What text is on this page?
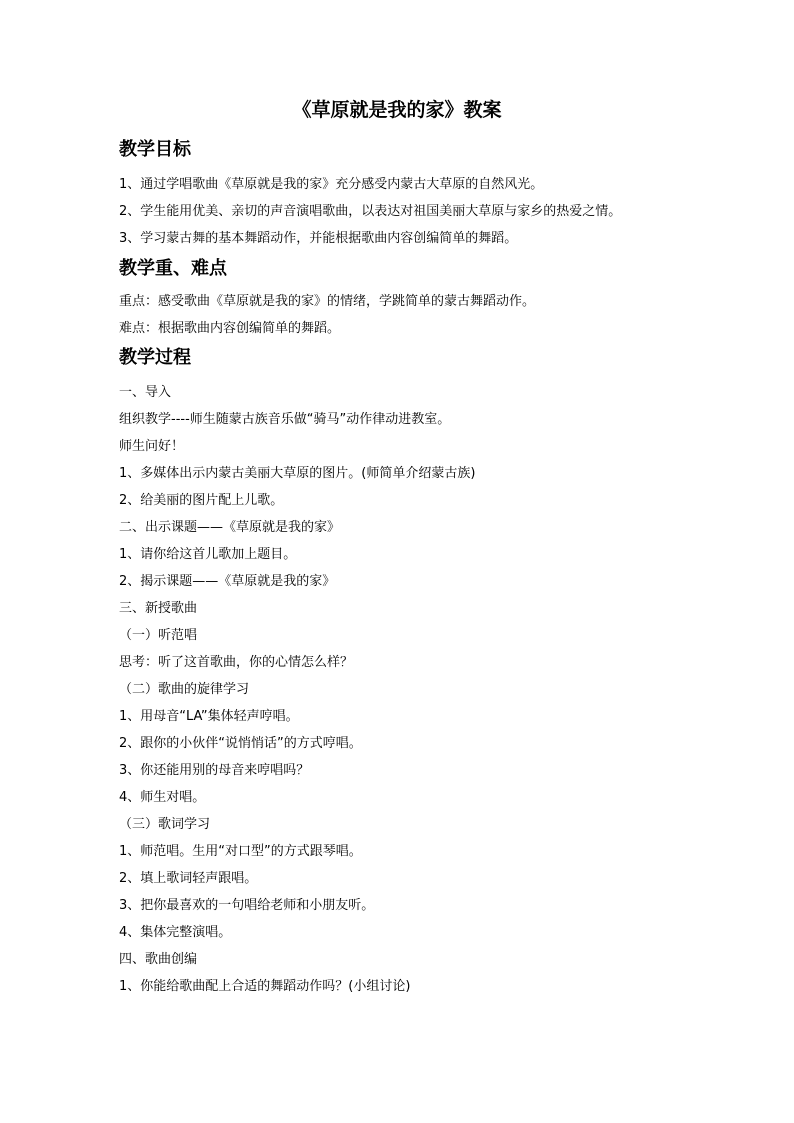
《草原就是我的家》教案
教学目标
1、通过学唱歌曲《草原就是我的家》充分感受内蒙古大草原的自然风光。
2、学生能用优美、亲切的声音演唱歌曲，以表达对祖国美丽大草原与家乡的热爱之情。
3、学习蒙古舞的基本舞蹈动作，并能根据歌曲内容创编简单的舞蹈。
教学重、难点
重点：感受歌曲《草原就是我的家》的情绪，学跳简单的蒙古舞蹈动作。
难点：根据歌曲内容创编简单的舞蹈。
教学过程
一、导入
组织教学----师生随蒙古族音乐做“骑马”动作律动进教室。
师生问好！
1、多媒体出示内蒙古美丽大草原的图片。(师简单介绍蒙古族)
2、给美丽的图片配上儿歌。
二、出示课题——《草原就是我的家》
1、请你给这首儿歌加上题目。
2、揭示课题——《草原就是我的家》
三、新授歌曲
（一）听范唱
思考：听了这首歌曲，你的心情怎么样？
（二）歌曲的旋律学习
1、用母音“LA”集体轻声哼唱。
2、跟你的小伙伴“说悄悄话”的方式哼唱。
3、你还能用别的母音来哼唱吗？
4、师生对唱。
（三）歌词学习
1、师范唱。生用“对口型”的方式跟琴唱。
2、填上歌词轻声跟唱。
3、把你最喜欢的一句唱给老师和小朋友听。
4、集体完整演唱。
四、歌曲创编
1、你能给歌曲配上合适的舞蹈动作吗？(小组讨论)
